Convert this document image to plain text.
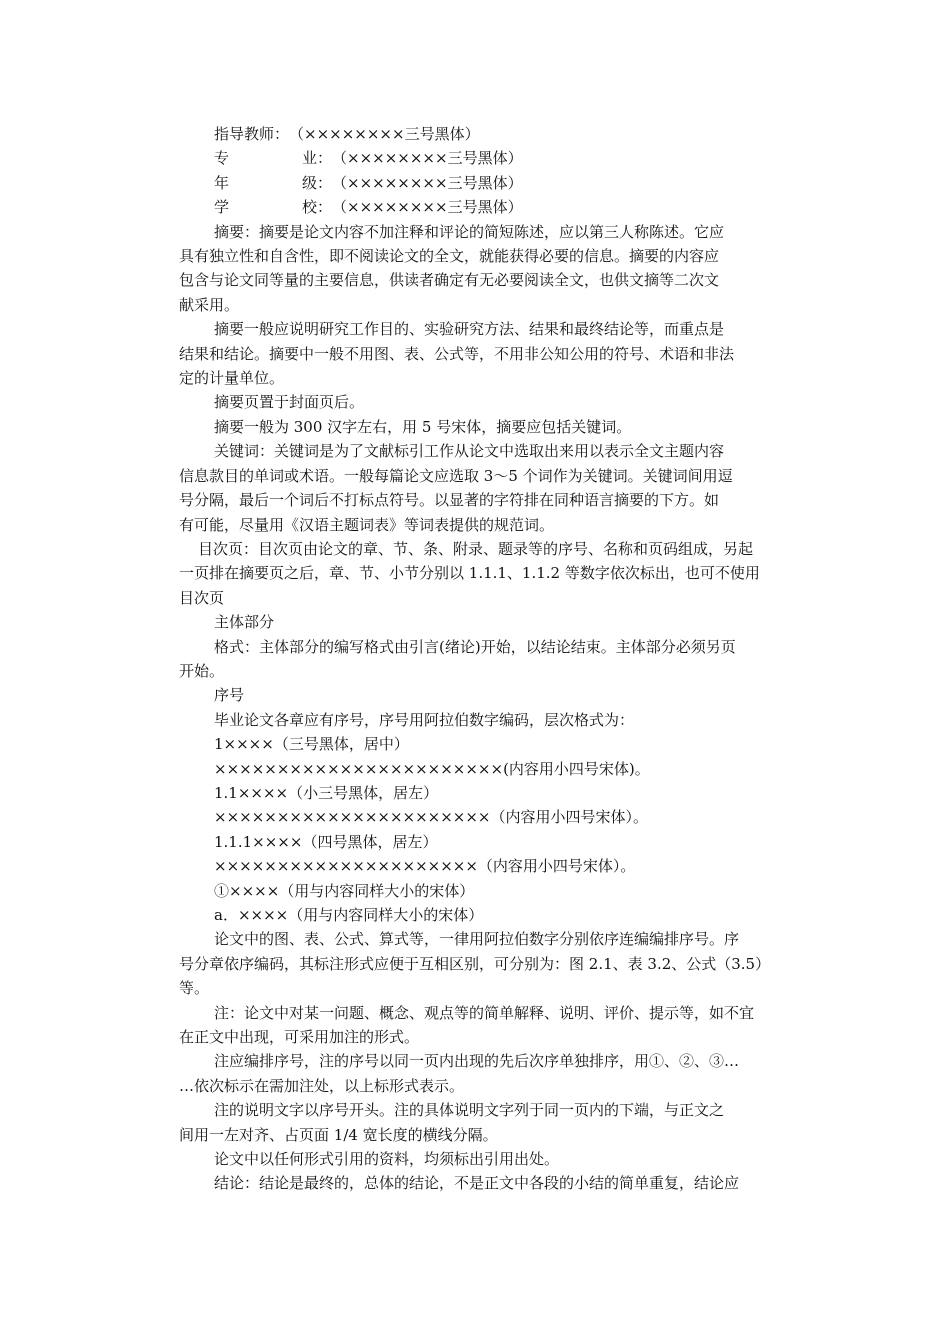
指导教师： （××××××××三号黑体）

专	业： （××××××××三号黑体）

年	级： （××××××××三号黑体）

学	校： （××××××××三号黑体）

摘要：摘要是论文内容不加注释和评论的简短陈述，应以第三人称陈述。它应

具有独立性和自含性，即不阅读论文的全文，就能获得必要的信息。摘要的内容应

包含与论文同等量的主要信息，供读者确定有无必要阅读全文，也供文摘等二次文

献采用。

摘要一般应说明研究工作目的、实验研究方法、结果和最终结论等，而重点是

结果和结论。摘要中一般不用图、表、公式等，不用非公知公用的符号、术语和非法

定的计量单位。

摘要页置于封面页后。

摘要一般为 300 汉字左右，用 5 号宋体，摘要应包括关键词。

关键词：关键词是为了文献标引工作从论文中选取出来用以表示全文主题内容

信息款目的单词或术语。一般每篇论文应选取 3～5 个词作为关键词。关键词间用逗

号分隔，最后一个词后不打标点符号。以显著的字符排在同种语言摘要的下方。如

有可能，尽量用《汉语主题词表》等词表提供的规范词。

目次页：目次页由论文的章、节、条、附录、题录等的序号、名称和页码组成，另起

一页排在摘要页之后，章、节、小节分别以 1.1.1、1.1.2 等数字依次标出，也可不使用

目次页

主体部分

格式：主体部分的编写格式由引言(绪论)开始，以结论结束。主体部分必须另页

开始。

序号

毕业论文各章应有序号，序号用阿拉伯数字编码，层次格式为：

1××××（三号黑体，居中）

×××××××××××××××××××××××(内容用小四号宋体)。

1.1××××（小三号黑体，居左）

××××××××××××××××××××××（内容用小四号宋体）。

1.1.1××××（四号黑体，居左）

×××××××××××××××××××××（内容用小四号宋体）。

①××××（用与内容同样大小的宋体）

a．××××（用与内容同样大小的宋体）

论文中的图、表、公式、算式等，一律用阿拉伯数字分别依序连编编排序号。序

号分章依序编码，其标注形式应便于互相区别，可分别为：图 2.1、表 3.2、公式（3.5）

等。

注：论文中对某一问题、概念、观点等的简单解释、说明、评价、提示等，如不宜

在正文中出现，可采用加注的形式。

注应编排序号，注的序号以同一页内出现的先后次序单独排序，用①、②、③…

…依次标示在需加注处，以上标形式表示。

注的说明文字以序号开头。注的具体说明文字列于同一页内的下端，与正文之

间用一左对齐、占页面 1/4 宽长度的横线分隔。

论文中以任何形式引用的资料，均须标出引用出处。

结论：结论是最终的，总体的结论，不是正文中各段的小结的简单重复，结论应
